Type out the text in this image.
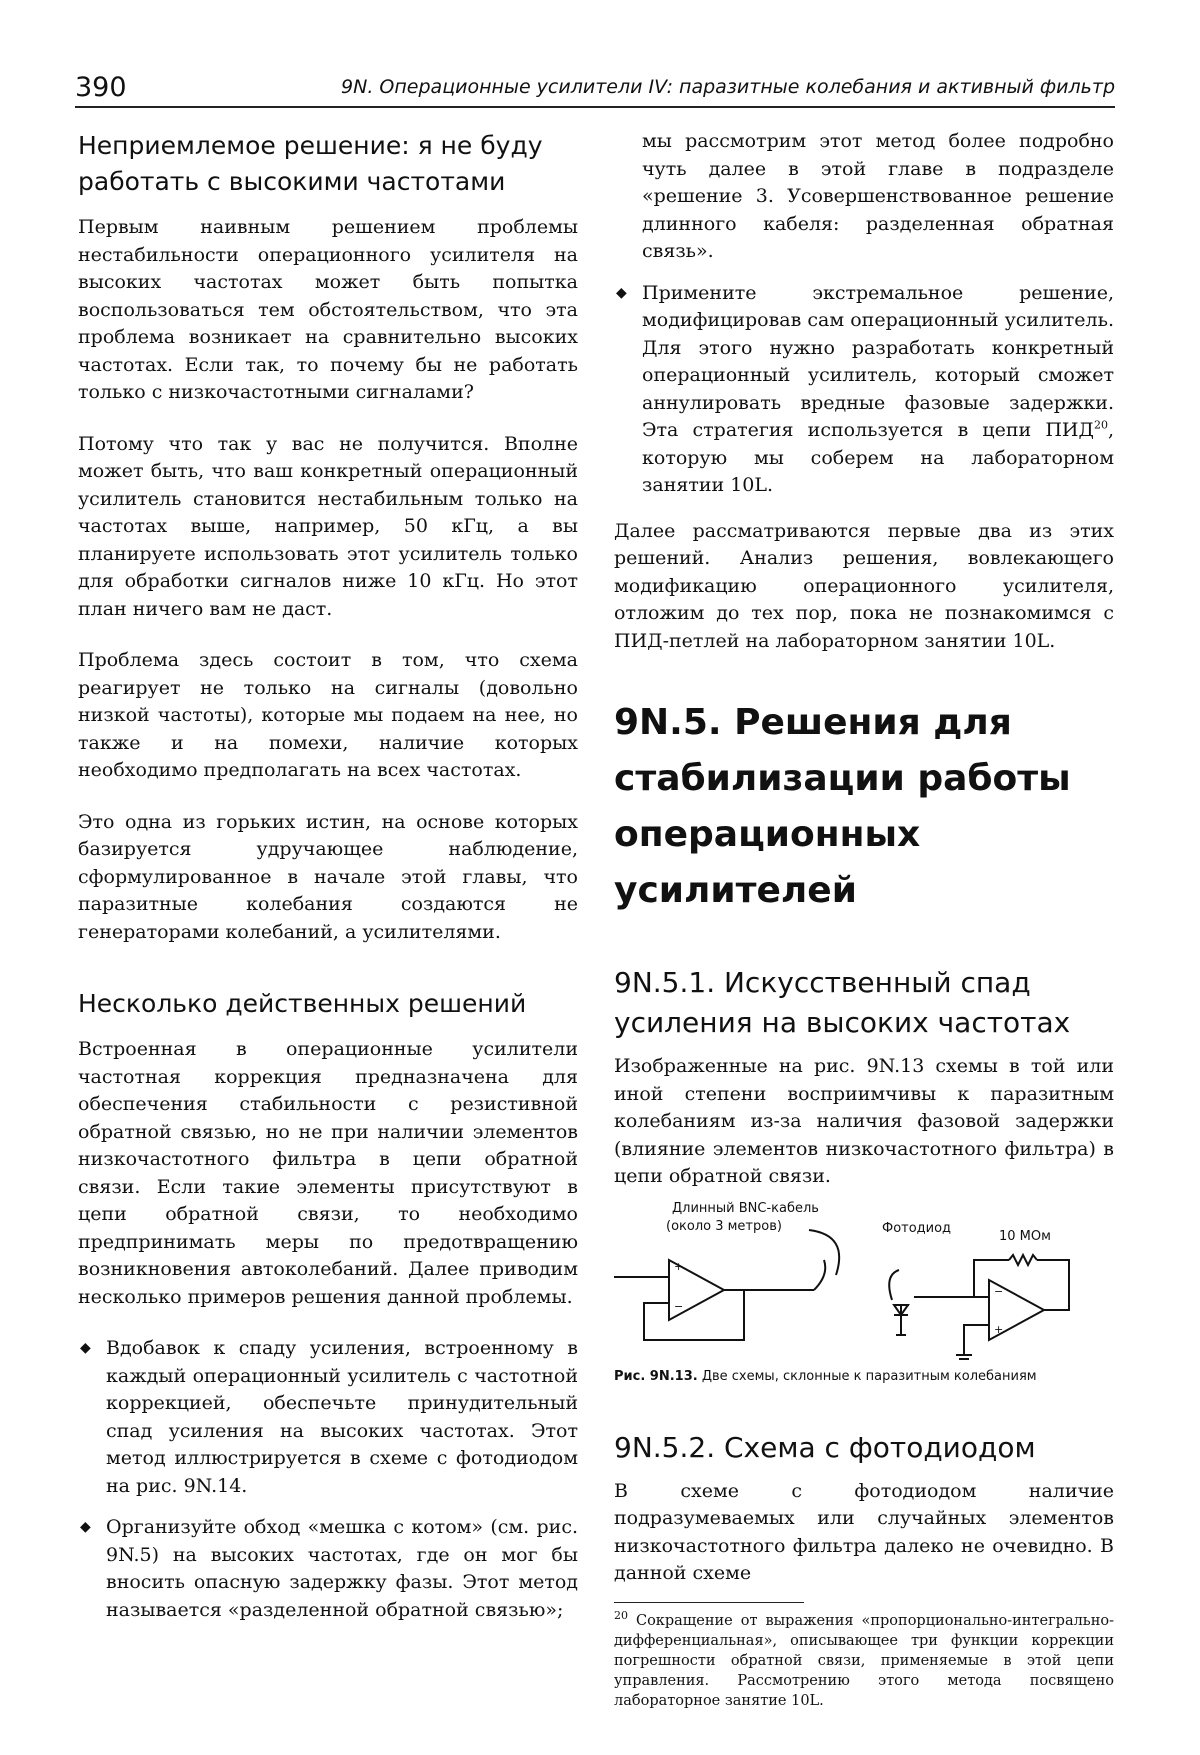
390	9N. Операционные усилители IV: паразитные колебания и активный фильтр
Неприемлемое решение: я не буду работать с высокими частотами

Первым наивным решением проблемы нестабильности операционного усилителя на высоких частотах может быть попытка воспользоваться тем обстоятельством, что эта проблема возникает на сравнительно высоких частотах. Если так, то почему бы не работать только с низкочастотными сигналами?

Потому что так у вас не получится. Вполне может быть, что ваш конкретный операционный усилитель становится нестабильным только на частотах выше, например, 50 кГц, а вы планируете использовать этот усилитель только для обработки сигналов ниже 10 кГц. Но этот план ничего вам не даст.

Проблема здесь состоит в том, что схема реагирует не только на сигналы (довольно низкой частоты), которые мы подаем на нее, но также и на помехи, наличие которых необходимо предполагать на всех частотах.

Это одна из горьких истин, на основе которых базируется удручающее наблюдение, сформулированное в начале этой главы, что паразитные колебания создаются не генераторами колебаний, а усилителями.

Несколько действенных решений

Встроенная в операционные усилители частотная коррекция предназначена для обеспечения стабильности с резистивной обратной связью, но не при наличии элементов низкочастотного фильтра в цепи обратной связи. Если такие элементы присутствуют в цепи обратной связи, то необходимо предпринимать меры по предотвращению возникновения автоколебаний. Далее приводим несколько примеров решения данной проблемы.

◆ Вдобавок к спаду усиления, встроенному в каждый операционный усилитель с частотной коррекцией, обеспечьте принудительный спад усиления на высоких частотах. Этот метод иллюстрируется в схеме с фотодиодом на рис. 9N.14.
◆ Организуйте обход «мешка с котом» (см. рис. 9N.5) на высоких частотах, где он мог бы вносить опасную задержку фазы. Этот метод называется «разделенной обратной связью»;

мы рассмотрим этот метод более подробно чуть далее в этой главе в подразделе «решение 3. Усовершенствованное решение длинного кабеля: разделенная обратная связь».

◆ Примените экстремальное решение, модифицировав сам операционный усилитель. Для этого нужно разработать конкретный операционный усилитель, который сможет аннулировать вредные фазовые задержки. Эта стратегия используется в цепи ПИД$^{20}$, которую мы соберем на лабораторном занятии 10L.

Далее рассматриваются первые два из этих решений. Анализ решения, вовлекающего модификацию операционного усилителя, отложим до тех пор, пока не познакомимся с ПИД-петлей на лабораторном занятии 10L.

9N.5. Решения для стабилизации работы операционных усилителей
9N.5.1. Искусственный спад усиления на высоких частотах

Изображенные на рис. 9N.13 схемы в той или иной степени восприимчивы к паразитным колебаниям из-за наличия фазовой задержки (влияние элементов низкочастотного фильтра) в цепи обратной связи.

+
−
−
+
Длинный BNC-кабель
(около 3 метров)	Фотодиод
10 МОм
Рис. 9N.13. Две схемы, склонные к паразитным колебаниям
9N.5.2. Схема с фотодиодом

В схеме с фотодиодом наличие подразумеваемых или случайных элементов низкочастотного фильтра далеко не очевидно. В данной схеме

$^{20}$ Сокращение от выражения «пропорционально-интегрально-дифференциальная», описывающее три функции коррекции погрешности обратной связи, применяемые в этой цепи управления. Рассмотрению этого метода посвящено лабораторное занятие 10L.
